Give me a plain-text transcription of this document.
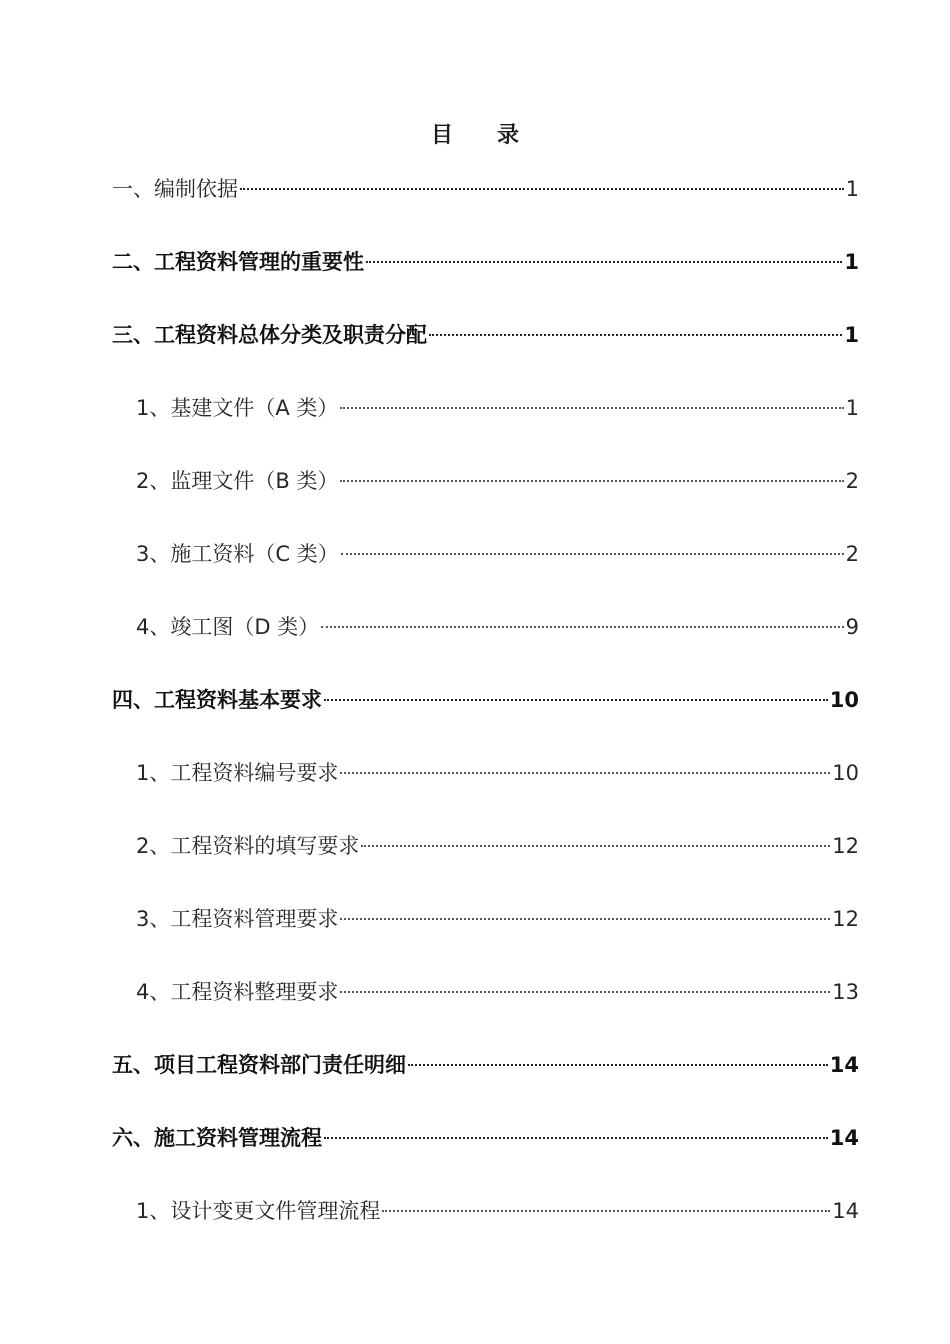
目 录
一、编制依据	1
二、工程资料管理的重要性	1
三、工程资料总体分类及职责分配	1
1、基建文件（A 类）	1
2、监理文件（B 类）	2
3、施工资料（C 类）	2
4、竣工图（D 类）	9
四、工程资料基本要求	10
1、工程资料编号要求	10
2、工程资料的填写要求	12
3、工程资料管理要求	12
4、工程资料整理要求	13
五、项目工程资料部门责任明细	14
六、施工资料管理流程	14
1、设计变更文件管理流程	14
